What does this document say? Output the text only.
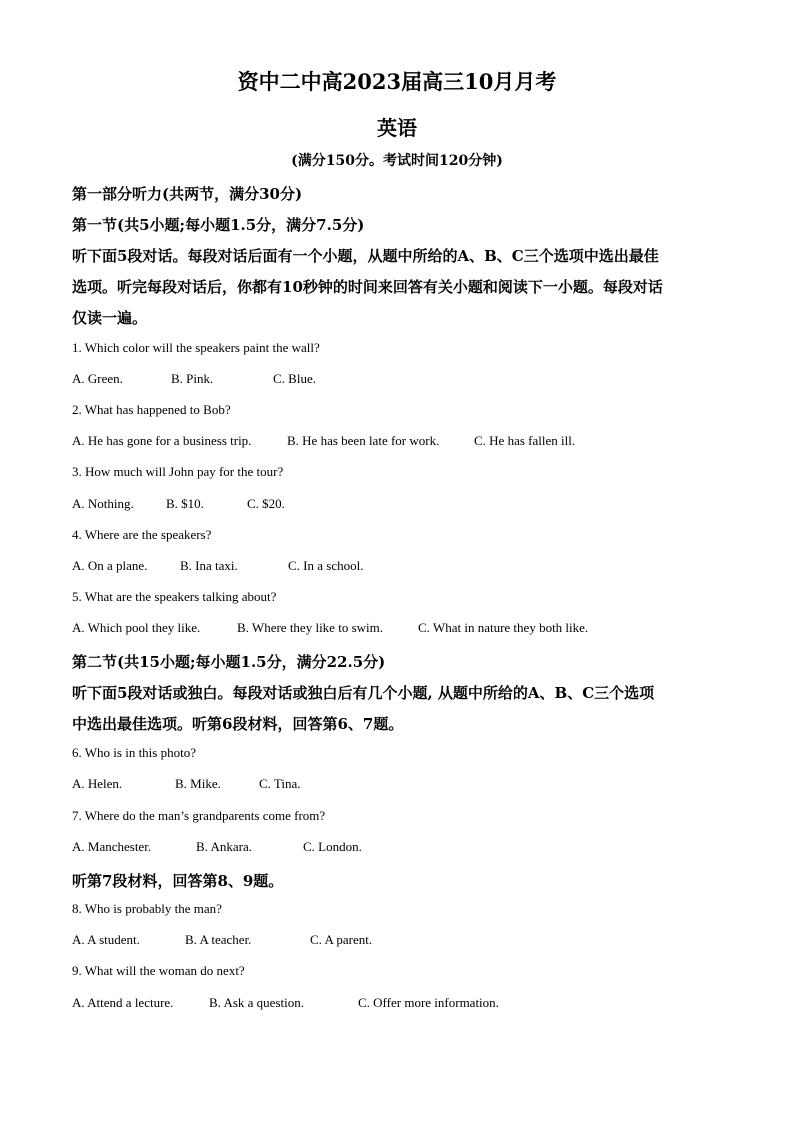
资中二中高2023届高三10月月考
英语
(满分150分。考试时间120分钟)
第一部分听力(共两节，满分30分)
第一节(共5小题;每小题1.5分，满分7.5分)
听下面5段对话。每段对话后面有一个小题，从题中所给的A、B、C三个选项中选出最佳
选项。听完每段对话后，你都有10秒钟的时间来回答有关小题和阅读下一小题。每段对话
仅读一遍。
1. Which color will the speakers paint the wall?
A. Green.	B. Pink.	C. Blue.
2. What has happened to Bob?
A. He has gone for a business trip.	B. He has been late for work.	C. He has fallen ill.
3. How much will John pay for the tour?
A. Nothing. B. $10.	C. $20.
4. Where are the speakers?
A. On a plane.	B. Ina taxi.	C. In a school.
5. What are the speakers talking about?
A. Which pool they like.	B. Where they like to swim.	C. What in nature they both like.
第二节(共15小题;每小题1.5分，满分22.5分)
听下面5段对话或独白。每段对话或独白后有几个小题, 从题中所给的A、B、C三个选项
中选出最佳选项。听第6段材料，回答第6、7题。
6. Who is in this photo?
A. Helen.	B. Mike.	C. Tina.
7. Where do the man’s grandparents come from?
A. Manchester.	B. Ankara.	C. London.
听第7段材料，回答第8、9题。
8. Who is probably the man?
A. A student.	B. A teacher.	C. A parent.
9. What will the woman do next?
A. Attend a lecture.	B. Ask a question.	C. Offer more information.
